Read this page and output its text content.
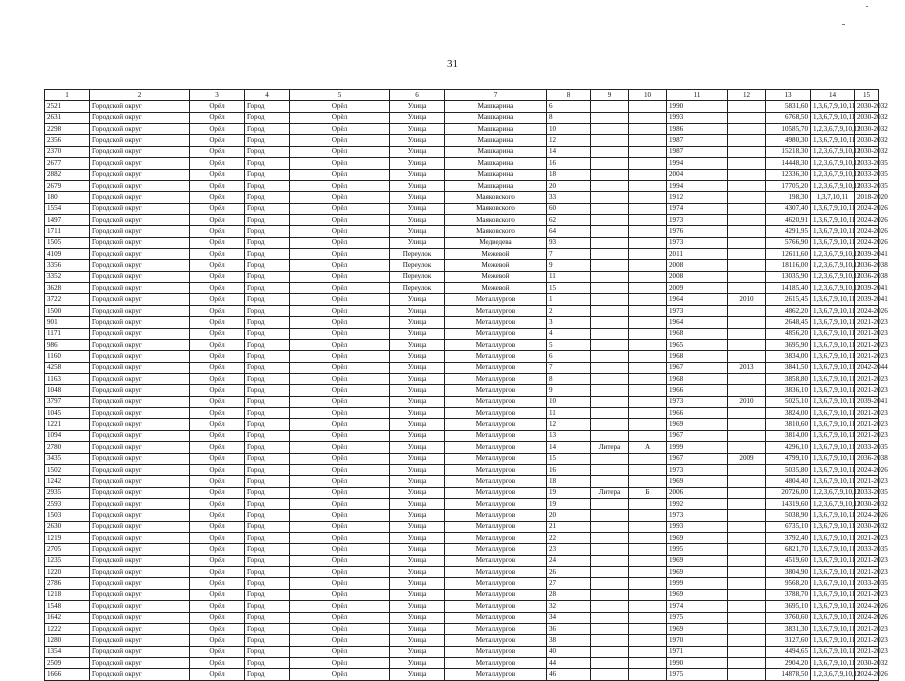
31
1	2	3	4	5	6	7	8	9	10	11	12	13	14	15
2521	Городской округ	Орёл	Город	Орёл	Улица	Машкарина	6			1990		5831,60	1,3,6,7,9,10,11	2030-2032
2631	Городской округ	Орёл	Город	Орёл	Улица	Машкарина	8			1993		6768,50	1,3,6,7,9,10,11	2030-2032
2298	Городской округ	Орёл	Город	Орёл	Улица	Машкарина	10			1986		10585,70	1,2,3,6,7,9,10,11	2030-2032
2356	Городской округ	Орёл	Город	Орёл	Улица	Машкарина	12			1987		4980,30	1,3,6,7,9,10,11	2030-2032
2370	Городской округ	Орёл	Город	Орёл	Улица	Машкарина	14			1987		15218,30	1,2,3,6,7,9,10,11	2030-2032
2677	Городской округ	Орёл	Город	Орёл	Улица	Машкарина	16			1994		14448,30	1,2,3,6,7,9,10,11	2033-2035
2882	Городской округ	Орёл	Город	Орёл	Улица	Машкарина	18			2004		12336,30	1,2,3,6,7,9,10,11	2033-2035
2679	Городской округ	Орёл	Город	Орёл	Улица	Машкарина	20			1994		17705,20	1,2,3,6,7,9,10,11	2033-2035
180	Городской округ	Орёл	Город	Орёл	Улица	Маяковского	33			1912		198,30	1,3,7,10,11	2018-2020
1554	Городской округ	Орёл	Город	Орёл	Улица	Маяковского	60			1974		4307,40	1,3,6,7,9,10,11	2024-2026
1497	Городской округ	Орёл	Город	Орёл	Улица	Маяковского	62			1973		4620,91	1,3,6,7,9,10,11	2024-2026
1711	Городской округ	Орёл	Город	Орёл	Улица	Маяковского	64			1976		4291,95	1,3,6,7,9,10,11	2024-2026
1505	Городской округ	Орёл	Город	Орёл	Улица	Медведева	93			1973		5766,90	1,3,6,7,9,10,11	2024-2026
4109	Городской округ	Орёл	Город	Орёл	Переулок	Межевой	7			2011		12611,60	1,2,3,6,7,9,10,11	2039-2041
3356	Городской округ	Орёл	Город	Орёл	Переулок	Межевой	9			2008		18116,00	1,2,3,6,7,9,10,11	2036-2038
3352	Городской округ	Орёл	Город	Орёл	Переулок	Межевой	11			2008		13035,90	1,2,3,6,7,9,10,11	2036-2038
3628	Городской округ	Орёл	Город	Орёл	Переулок	Межевой	15			2009		14185,40	1,2,3,6,7,9,10,11	2039-2041
3722	Городской округ	Орёл	Город	Орёл	Улица	Металлургов	1			1964	2010	2615,45	1,3,6,7,9,10,11	2039-2041
1500	Городской округ	Орёл	Город	Орёл	Улица	Металлургов	2			1973		4862,20	1,3,6,7,9,10,11	2024-2026
901	Городской округ	Орёл	Город	Орёл	Улица	Металлургов	3			1964		2648,45	1,3,6,7,9,10,11	2021-2023
1171	Городской округ	Орёл	Город	Орёл	Улица	Металлургов	4			1968		4856,20	1,3,6,7,9,10,11	2021-2023
986	Городской округ	Орёл	Город	Орёл	Улица	Металлургов	5			1965		3695,90	1,3,6,7,9,10,11	2021-2023
1160	Городской округ	Орёл	Город	Орёл	Улица	Металлургов	6			1968		3834,00	1,3,6,7,9,10,11	2021-2023
4258	Городской округ	Орёл	Город	Орёл	Улица	Металлургов	7			1967	2013	3841,50	1,3,6,7,9,10,11	2042-2044
1163	Городской округ	Орёл	Город	Орёл	Улица	Металлургов	8			1968		3858,80	1,3,6,7,9,10,11	2021-2023
1048	Городской округ	Орёл	Город	Орёл	Улица	Металлургов	9			1966		3836,10	1,3,6,7,9,10,11	2021-2023
3797	Городской округ	Орёл	Город	Орёл	Улица	Металлургов	10			1973	2010	5025,10	1,3,6,7,9,10,11	2039-2041
1045	Городской округ	Орёл	Город	Орёл	Улица	Металлургов	11			1966		3824,00	1,3,6,7,9,10,11	2021-2023
1221	Городской округ	Орёл	Город	Орёл	Улица	Металлургов	12			1969		3810,60	1,3,6,7,9,10,11	2021-2023
1094	Городской округ	Орёл	Город	Орёл	Улица	Металлургов	13			1967		3814,00	1,3,6,7,9,10,11	2021-2023
2780	Городской округ	Орёл	Город	Орёл	Улица	Металлургов	14	Литера	А	1999		4296,10	1,3,6,7,9,10,11	2033-2035
3435	Городской округ	Орёл	Город	Орёл	Улица	Металлургов	15			1967	2009	4799,10	1,3,6,7,9,10,11	2036-2038
1502	Городской округ	Орёл	Город	Орёл	Улица	Металлургов	16			1973		5035,80	1,3,6,7,9,10,11	2024-2026
1242	Городской округ	Орёл	Город	Орёл	Улица	Металлургов	18			1969		4804,40	1,3,6,7,9,10,11	2021-2023
2935	Городской округ	Орёл	Город	Орёл	Улица	Металлургов	19	Литера	Б	2006		20726,00	1,2,3,6,7,9,10,11	2033-2035
2593	Городской округ	Орёл	Город	Орёл	Улица	Металлургов	19			1992		14319,60	1,2,3,6,7,9,10,11	2030-2032
1503	Городской округ	Орёл	Город	Орёл	Улица	Металлургов	20			1973		5038,90	1,3,6,7,9,10,11	2024-2026
2630	Городской округ	Орёл	Город	Орёл	Улица	Металлургов	21			1993		6735,10	1,3,6,7,9,10,11	2030-2032
1219	Городской округ	Орёл	Город	Орёл	Улица	Металлургов	22			1969		3792,40	1,3,6,7,9,10,11	2021-2023
2705	Городской округ	Орёл	Город	Орёл	Улица	Металлургов	23			1995		6821,70	1,3,6,7,9,10,11	2033-2035
1235	Городской округ	Орёл	Город	Орёл	Улица	Металлургов	24			1969		4519,60	1,3,6,7,9,10,11	2021-2023
1220	Городской округ	Орёл	Город	Орёл	Улица	Металлургов	26			1969		3804,90	1,3,6,7,9,10,11	2021-2023
2786	Городской округ	Орёл	Город	Орёл	Улица	Металлургов	27			1999		9568,20	1,3,6,7,9,10,11	2033-2035
1218	Городской округ	Орёл	Город	Орёл	Улица	Металлургов	28			1969		3788,70	1,3,6,7,9,10,11	2021-2023
1548	Городской округ	Орёл	Город	Орёл	Улица	Металлургов	32			1974		3695,10	1,3,6,7,9,10,11	2024-2026
1642	Городской округ	Орёл	Город	Орёл	Улица	Металлургов	34			1975		3760,60	1,3,6,7,9,10,11	2024-2026
1222	Городской округ	Орёл	Город	Орёл	Улица	Металлургов	36			1969		3831,30	1,3,6,7,9,10,11	2021-2023
1280	Городской округ	Орёл	Город	Орёл	Улица	Металлургов	38			1970		3127,60	1,3,6,7,9,10,11	2021-2023
1354	Городской округ	Орёл	Город	Орёл	Улица	Металлургов	40			1971		4494,65	1,3,6,7,9,10,11	2021-2023
2509	Городской округ	Орёл	Город	Орёл	Улица	Металлургов	44			1990		2904,20	1,3,6,7,9,10,11	2030-2032
1666	Городской округ	Орёл	Город	Орёл	Улица	Металлургов	46			1975		14878,50	1,2,3,6,7,9,10,11	2024-2026
